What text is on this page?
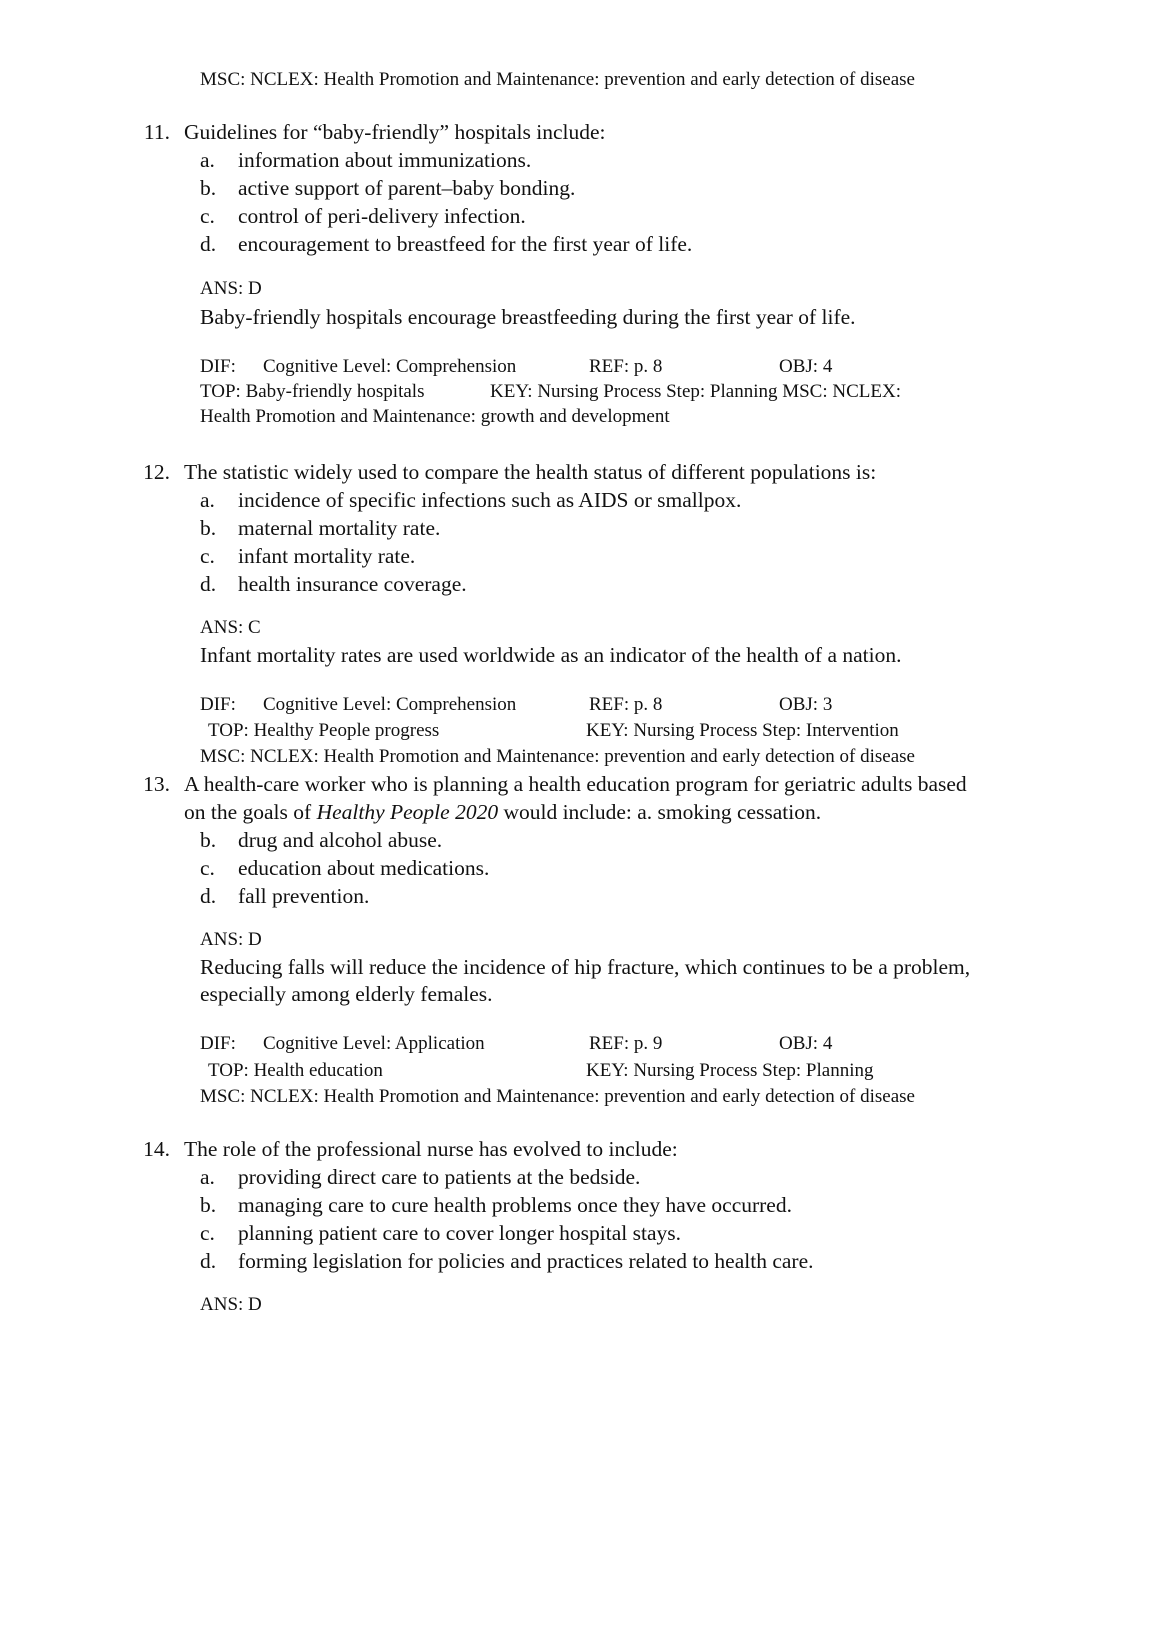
MSC: NCLEX: Health Promotion and Maintenance: prevention and early detection of disease
11. Guidelines for “baby-friendly” hospitals include:
a.	information about immunizations.
b.	active support of parent–baby bonding.
c.	control of peri-delivery infection.
d.	encouragement to breastfeed for the first year of life.
ANS: D
Baby-friendly hospitals encourage breastfeeding during the first year of life.
DIF: Cognitive Level: Comprehension	REF: p. 8	OBJ: 4
TOP: Baby-friendly hospitals	KEY: Nursing Process Step: Planning MSC: NCLEX:
Health Promotion and Maintenance: growth and development
12. The statistic widely used to compare the health status of different populations is:
a.	incidence of specific infections such as AIDS or smallpox.
b.	maternal mortality rate.
c.	infant mortality rate.
d.	health insurance coverage.
ANS: C
Infant mortality rates are used worldwide as an indicator of the health of a nation.
DIF: Cognitive Level: Comprehension	REF: p. 8	OBJ: 3
TOP: Healthy People progress	KEY: Nursing Process Step: Intervention
MSC: NCLEX: Health Promotion and Maintenance: prevention and early detection of disease
13. A health-care worker who is planning a health education program for geriatric adults based
on the goals of Healthy People 2020 would include: a. smoking cessation.
b.	drug and alcohol abuse.
c.	education about medications.
d.	fall prevention.
ANS: D
Reducing falls will reduce the incidence of hip fracture, which continues to be a problem,
especially among elderly females.
DIF: Cognitive Level: Application	REF: p. 9	OBJ: 4
TOP: Health education	KEY: Nursing Process Step: Planning
MSC: NCLEX: Health Promotion and Maintenance: prevention and early detection of disease
14. The role of the professional nurse has evolved to include:
a.	providing direct care to patients at the bedside.
b.	managing care to cure health problems once they have occurred.
c.	planning patient care to cover longer hospital stays.
d.	forming legislation for policies and practices related to health care.
ANS: D
